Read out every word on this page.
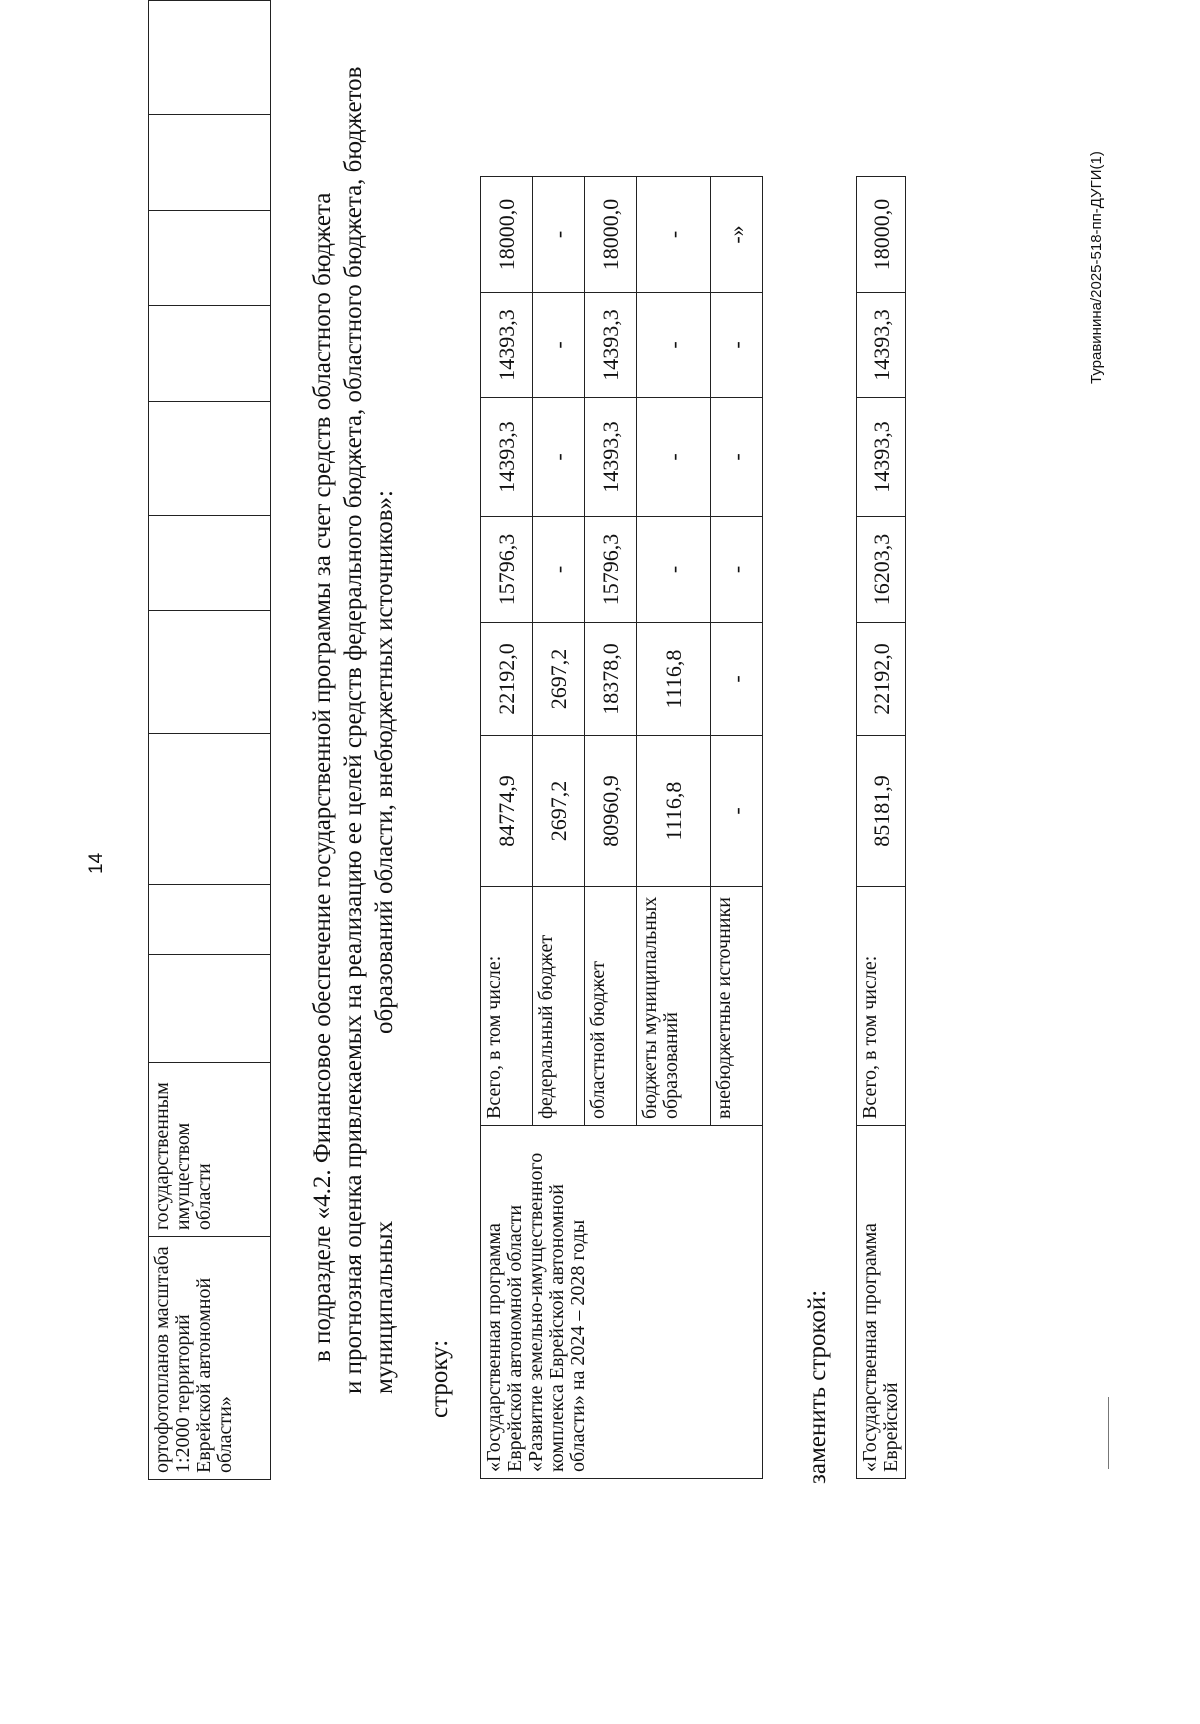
14
ортофотопланов масштаба 1:2000 территорий Еврейской автономной области»	государственным имуществом области											в подразделе «4.2. Финансовое обеспечение государственной программы за счет средств областного бюджета и прогнозная оценка привлекаемых на реализацию ее целей средств федерального бюджета, областного бюджета, бюджетов муниципальных
образований области, внебюджетных источников»:
строку: «Государственная программа Еврейской автономной области «Развитие земельно-имущественного комплекса Еврейской автономной области» на 2024 – 2028 годы	Всего, в том числе:	84774,9	22192,0	15796,3	14393,3	14393,3	18000,0
	федеральный бюджет	2697,2	2697,2	-	-	-	-
	областной бюджет	80960,9	18378,0	15796,3	14393,3	14393,3	18000,0
	бюджеты муниципальных образований	1116,8	1116,8	-	-	-	-
	внебюджетные источники	-	-	-	-	-	-»
заменить строкой: «Государственная программа Еврейской	Всего, в том числе:	85181,9	22192,0	16203,3	14393,3	14393,3	18000,0	Туравинина/2025-518-пп-ДУГИ(1)
